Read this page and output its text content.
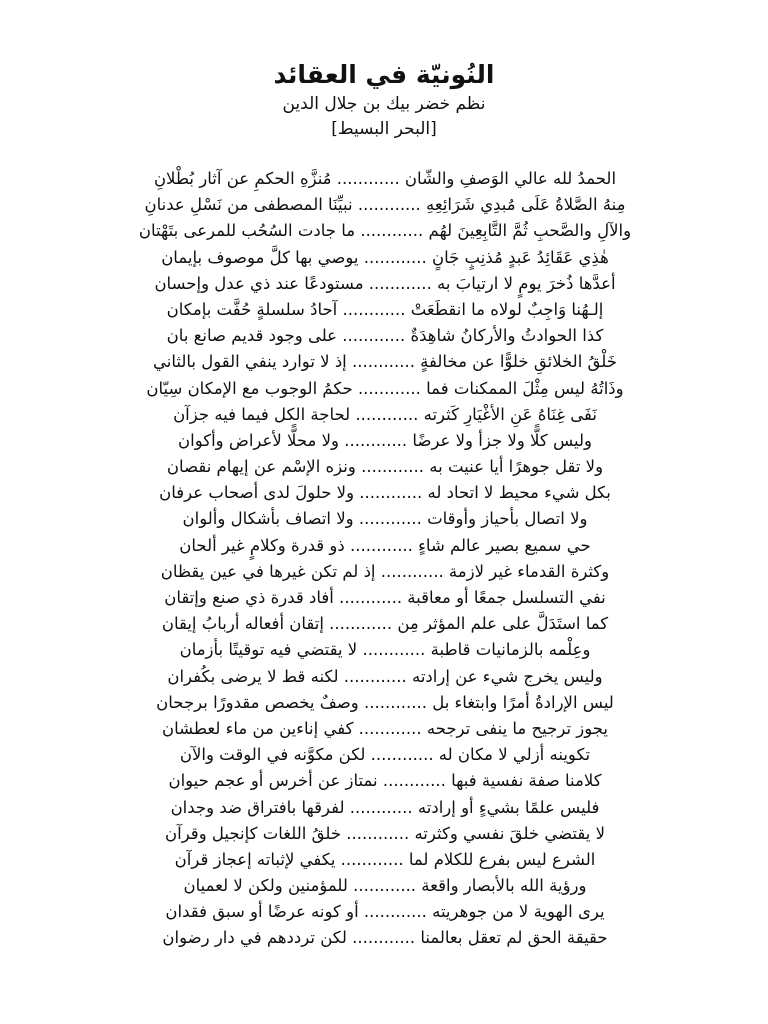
النُونيّة في العقائد
نظم خضر بيك بن جلال الدين
[البحر البسيط]
الحمدُ لله عالي الوَصفِ والشّان ............ مُنزَّهِ الحكمِ عن آثار بُطْلانِ
مِنهُ الصَّلاةُ عَلَى مُبدِي شَرَائِعِهِ ............ نبيِّنَا المصطفى من نَسْلِ عدنانِ
والآلِ والصَّحبِ ثُمَّ التَّابِعِينَ لهُم ............ ما جادت السُحُب للمرعى بتَهْتان
هٰذِي عَقَائِدُ عَبدٍ مُذنِبٍ جَانٍ ............ يوصي بها كلَّ موصوف بإيمان
أعدَّها ذُخرَ يومٍ لا ارتيابَ به ............ مستودعًا عند ذي عدل وإحسان
إلـهُنا وَاجِبٌ لولاه ما انقطَعَتْ ............ آحادُ سلسلةٍ حُفَّت بإمكان
كذا الحوادثُ والأركانُ شاهِدَةٌ ............ على وجود قديم صانع بان
خَلْقُ الخلائقِ خلوًّا عن مخالفةٍ ............ إذ لا توارد ينفي القول بالثاني
وذَاتُهُ ليس مِثْلَ الممكنات فما ............ حكمُ الوجوب مع الإمكان سِيّان
نَفَى غِنَاهُ عَنِ الأغْيَارِ كَثرته ............ لحاجة الكل فيما فيه جزآن
وليس كلًّا ولا جزأ ولا عرضًا ............ ولا محلًّا لأعراض وأكوان
ولا تقل جوهرًا أيا عنيت به ............ ونزه الإسْم عن إيهام نقصان
بكل شيء محيط لا اتحاد له ............ ولا حلولَ لدى أصحاب عرفان
ولا اتصال بأحياز وأوقات ............ ولا اتصاف بأشكال وألوان
حي سميع بصير عالم شاءٍ ............ ذو قدرة وكلامٍ غير ألحان
وكثرة القدماء غير لازمة ............ إذ لم تكن غيرها في عين يقظان
نفي التسلسل جمعًا أو معاقبة ............ أفاد قدرة ذي صنع وإتقان
كما استَدَلَّ على علم المؤثر مِن ............ إتقان أفعاله أربابُ إيقان
وعِلْمه بالزمانيات قاطبة ............ لا يقتضي فيه توقيتًا بأزمان
وليس يخرج شيء عن إرادته ............ لكنه قط لا يرضى بكُفران
ليس الإرادةُ أمرًا وابتغاء بل ............ وصفٌ يخصص مقدورًا برجحان
يجوز ترجيح ما ينفى ترجحه ............ كفي إناءين من ماء لعطشان
تكوينه أزلي لا مكان له ............ لكن مكوَّنه في الوقت والآن
كلامنا صفة نفسية فبها ............ نمتاز عن أخرس أو عجم حيوان
فليس علمًا بشيءٍ أو إرادته ............ لفرقها بافتراق ضد وجدان
لا يقتضي خلقَ نفسي وكثرته ............ خلقُ اللغات كإنجيل وقرآن
الشرع ليس بفرع للكلام لما ............ يكفي لإثباته إعجاز قرآن
ورؤية الله بالأبصار واقعة ............ للمؤمنين ولكن لا لعميان
يرى الهوية لا من جوهريته ............ أو كونه عرضًا أو سبق فقدان
حقيقة الحق لم تعقل بعالمنا ............ لكن ترددهم في دار رضوان
